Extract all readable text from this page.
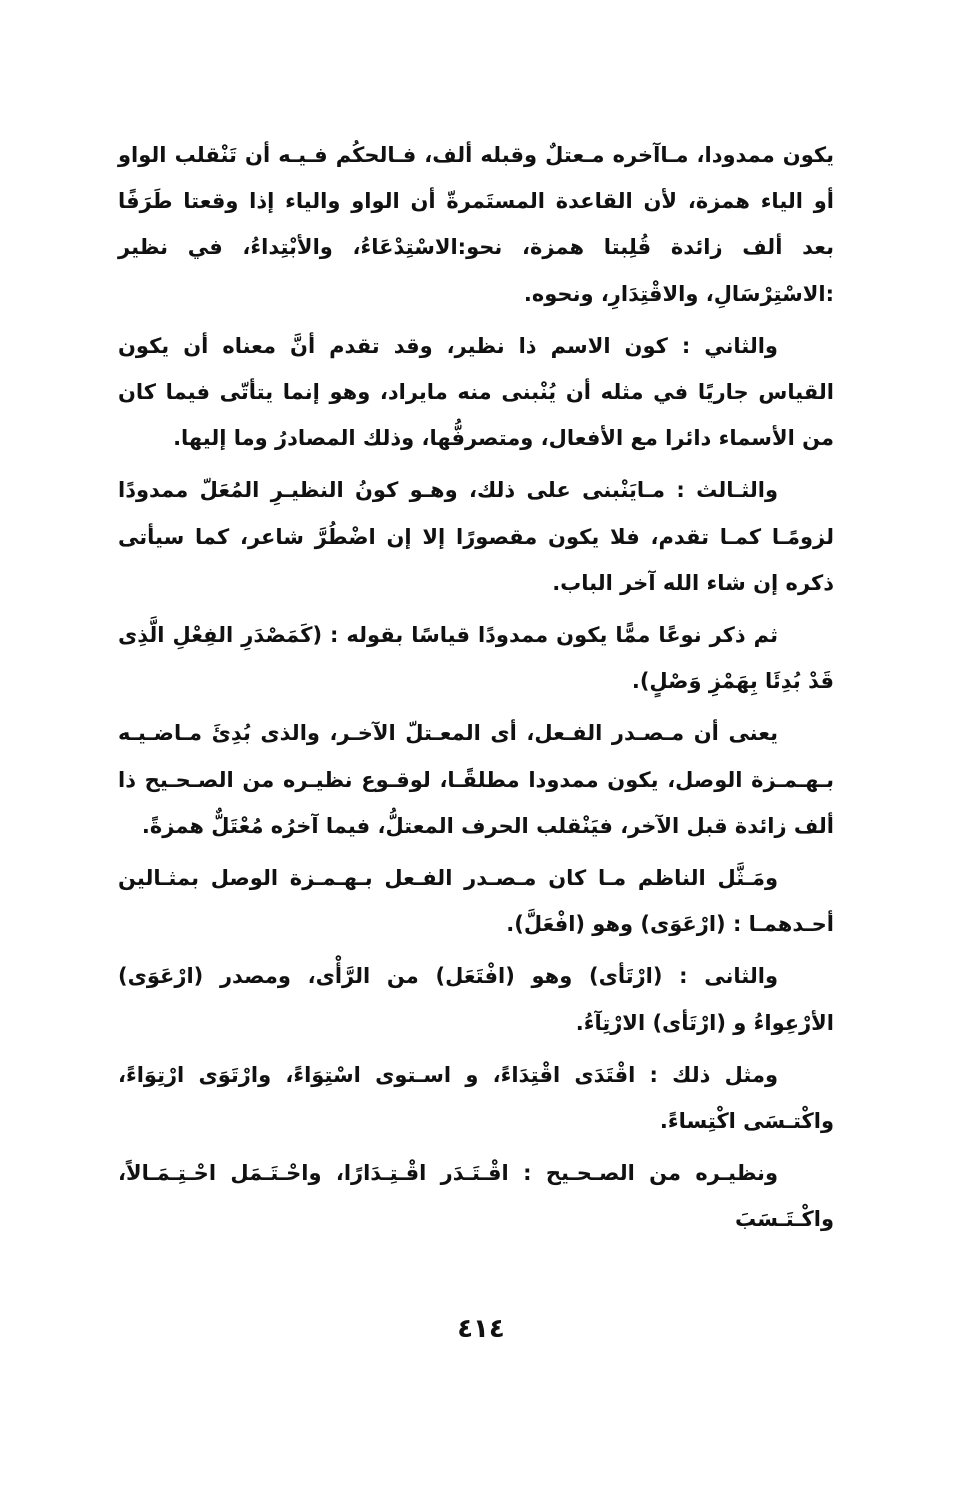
يكون ممدودا، مـاآخره مـعتلٌ وقبله ألف، فـالحكُم فـيـه أن تَنْقلب الواو أو الياء همزة، لأن القاعدة المستَمرةّ أن الواو والياء إذا وقعتا طَرَفًا بعد ألف زائدة قُلِبتا همزة، نحو:الاسْتِدْعَاءُ، والأبْتِداءُ، في نظير :الاسْتِرْسَالِ، والاقْتِدَارِ، ونحوه.

والثاني : كون الاسم ذا نظير، وقد تقدم أنَّ معناه أن يكون القياس جاريًا في مثله أن يُنْبنى منه مايراد، وهو إنما يتأتّى فيما كان من الأسماء دائرا مع الأفعال، ومتصرفُّها، وذلك المصادرُ وما إليها.

والثـالث : مـايَنْبنى على ذلك، وهـو كونُ النظيـرِ المُعَلّ ممدودًا لزومًـا كمـا تقدم، فلا يكون مقصورًا إلا إن اضْطُرَّ شاعر، كما سيأتى ذكره إن شاء الله آخر الباب.

ثم ذكر نوعًا ممًّا يكون ممدودًا قياسًا بقوله : (كَمَصْدَرِ الفِعْلِ الَّذِى قَدْ بُدِئَا بِهَمْزِ وَصْلٍ).

يعنى أن مـصـدر الفـعل، أى المعـتلّ الآخـر، والذى بُدِئَ مـاضـيـه بـهـمـزة الوصل، يكون ممدودا مطلقًـا، لوقـوع نظيـره من الصـحـيح ذا ألف زائدة قبل الآخر، فيَنْقلب الحرف المعتلُّ، فيما آخرُه مُعْتَلٌّ همزةً.

ومَـثَّل الناظم مـا كان مـصـدر الفـعل بـهـمـزة الوصل بمثـالين أحـدهمـا : (ارْعَوَى) وهو (افْعَلَّ).

والثانى : (ارْتَأى) وهو (افْتَعَل) من الرَّأْى، ومصدر (ارْعَوَى) الأرْعِواءُ و (ارْتَأى) الارْتِآءُ.

ومثل ذلك : اقْتَدَى اقْتِدَاءً، و اسـتوى اسْتِوَاءً، وارْتَوَى ارْتِوَاءً، واكْتـسَى اكْتِساءً.

ونظيـره من الصـحـيح : اقْـتَـدَر اقْـتِـدَارًا، واحْـتَـمَل احْـتِـمَـالاً، واكْـتَـسَبَ

٤١٤
